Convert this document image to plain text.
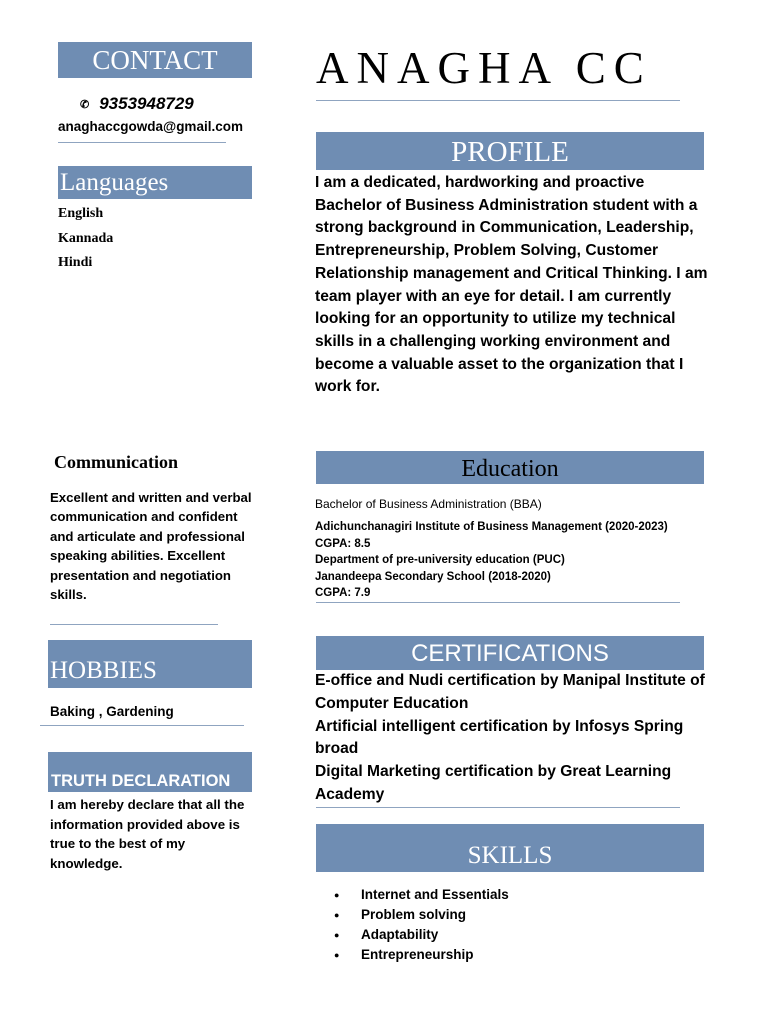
CONTACT
✆ 9353948729
anaghaccgowda@gmail.com
Languages
English
Kannada
Hindi
Communication
Excellent and written and verbal communication and confident and articulate and professional speaking abilities. Excellent presentation and negotiation skills.
HOBBIES
Baking , Gardening
TRUTH DECLARATION
I am hereby declare that all the information provided above is true to the best of my knowledge.
ANAGHA CC
PROFILE
I am a dedicated, hardworking and proactive Bachelor of Business Administration student with a strong background in Communication, Leadership, Entrepreneurship, Problem Solving, Customer Relationship management and Critical Thinking. I am team player with an eye for detail. I am currently looking for an opportunity to utilize my technical skills in a challenging working environment and become a valuable asset to the organization that I work for.
Education
Bachelor of Business Administration (BBA)
Adichunchanagiri Institute of Business Management (2020-2023)
CGPA: 8.5
Department of pre-university education (PUC)
Janandeepa Secondary School (2018-2020)
CGPA: 7.9
CERTIFICATIONS
E-office and Nudi certification by Manipal Institute of Computer Education
Artificial intelligent certification by Infosys Spring broad
Digital Marketing certification by Great Learning Academy
SKILLS
● Internet and Essentials
● Problem solving
● Adaptability
● Entrepreneurship
